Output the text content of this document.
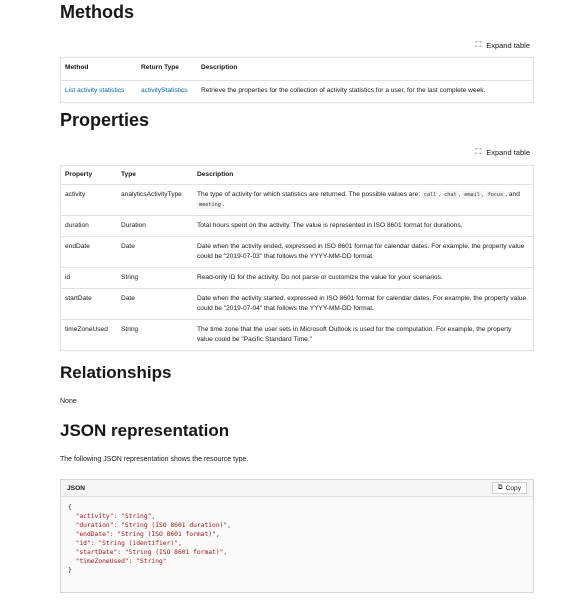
Methods
⛶ Expand table
Method	Return Type	Description
List activity statistics	activityStatistics	Retrieve the properties for the collection of activity statistics for a user, for the last complete week.
Properties
⛶ Expand table
Property	Type	Description
activity	analyticsActivityType	The type of activity for which statistics are returned. The possible values are: call , chat , email , focus , and meeting .
duration	Duration	Total hours spent on the activity. The value is represented in ISO 8601 format for durations.
endDate	Date	Date when the activity ended, expressed in ISO 8601 format for calendar dates. For example, the property value could be "2019-07-03" that follows the YYYY-MM-DD format.
id	String	Read-only ID for the activity. Do not parse or customize the value for your scenarios.
startDate	Date	Date when the activity started, expressed in ISO 8601 format for calendar dates. For example, the property value could be "2019-07-04" that follows the YYYY-MM-DD format.
timeZoneUsed	String	The time zone that the user sets in Microsoft Outlook is used for the computation. For example, the property value could be "Pacific Standard Time."
Relationships
None
JSON representation
The following JSON representation shows the resource type.
JSON	⧉ Copy
{
"activity": "String",
"duration": "String (ISO 8601 duration)",
"endDate": "String (ISO 8601 format)",
"id": "String (identifier)",
"startDate": "String (ISO 8601 format)",
"timeZoneUsed": "String"
}
